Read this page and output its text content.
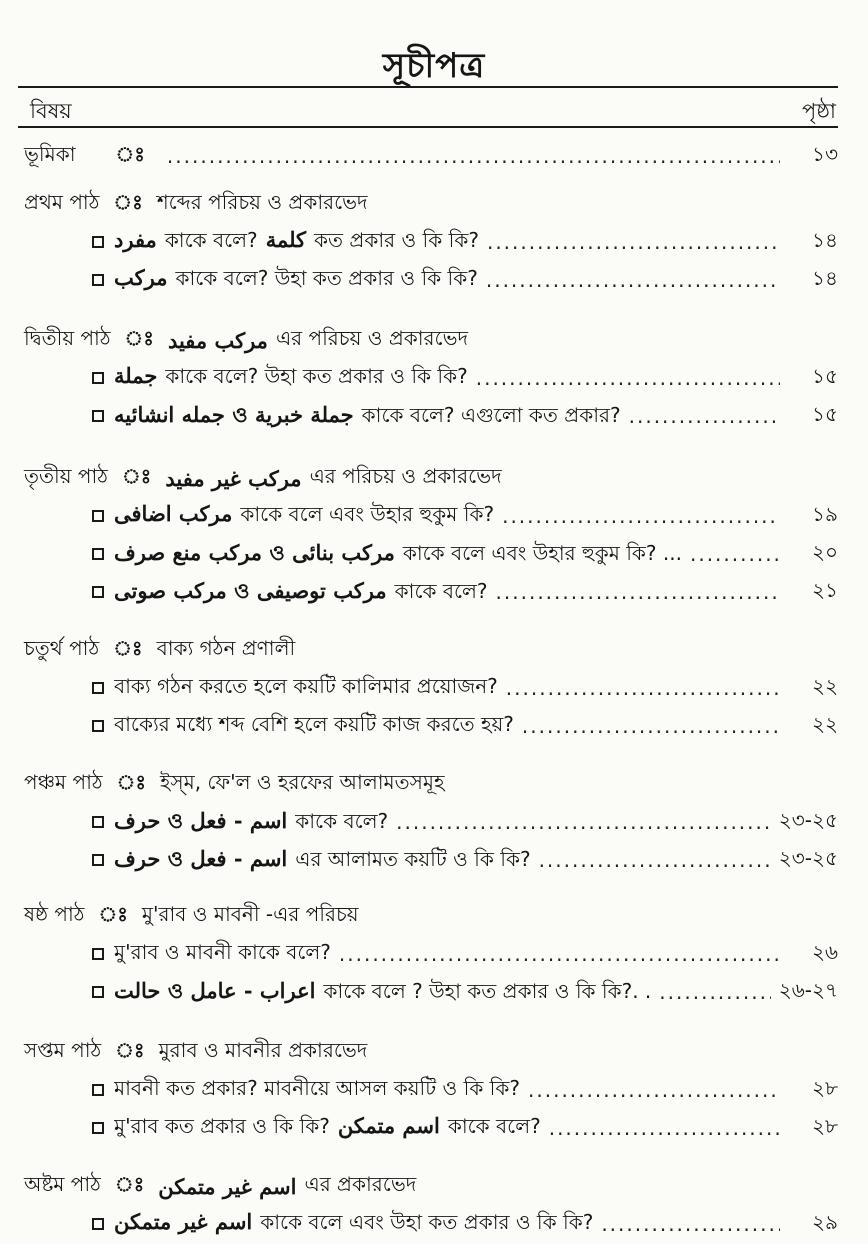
সূচীপত্র
বিষয়	পৃষ্ঠা
ভূমিকা ঃ .....	১৩
প্রথম পাঠ ঃ শব্দের পরিচয় ও প্রকারভেদ
مفرد কাকে বলে? كلمة কত প্রকার ও কি কি? .....	১৪
مركب কাকে বলে? উহা কত প্রকার ও কি কি? .....	১৪
দ্বিতীয় পাঠ ঃ مركب مفيد এর পরিচয় ও প্রকারভেদ
جملة কাকে বলে? উহা কত প্রকার ও কি কি? .....	১৫
جملة خبرية ও جمله انشائيه কাকে বলে? এগুলো কত প্রকার? .....	১৫
তৃতীয় পাঠ ঃ مركب غير مفيد এর পরিচয় ও প্রকারভেদ
مركب اضافى কাকে বলে এবং উহার হুকুম কি? .....	১৯
مركب بنائى ও مركب منع صرف কাকে বলে এবং উহার হুকুম কি? ... .....	২০
مركب توصيفى ও مركب صوتى কাকে বলে? .....	২১
চতুর্থ পাঠ ঃ বাক্য গঠন প্রণালী
বাক্য গঠন করতে হলে কয়টি কালিমার প্রয়োজন? .....	২২
বাক্যের মধ্যে শব্দ বেশি হলে কয়টি কাজ করতে হয়? .....	২২
পঞ্চম পাঠ ঃ ইস্‌ম, ফে'ল ও হরফের আলামতসমূহ
اسم - فعل ও حرف কাকে বলে? .....	২৩-২৫
اسم - فعل ও حرف এর আলামত কয়টি ও কি কি? .....	২৩-২৫
ষষ্ঠ পাঠ ঃ মু'রাব ও মাবনী -এর পরিচয়
মু'রাব ও মাবনী কাকে বলে? .....	২৬
اعراب - عامل ও حالت কাকে বলে ? উহা কত প্রকার ও কি কি?. . .....	২৬-২৭
সপ্তম পাঠ ঃ মুরাব ও মাবনীর প্রকারভেদ
মাবনী কত প্রকার? মাবনীয়ে আসল কয়টি ও কি কি? .....	২৮
মু'রাব কত প্রকার ও কি কি? اسم متمكن কাকে বলে? .....	২৮
অষ্টম পাঠ ঃ اسم غير متمكن এর প্রকারভেদ
اسم غير متمكن কাকে বলে এবং উহা কত প্রকার ও কি কি? .....	২৯
